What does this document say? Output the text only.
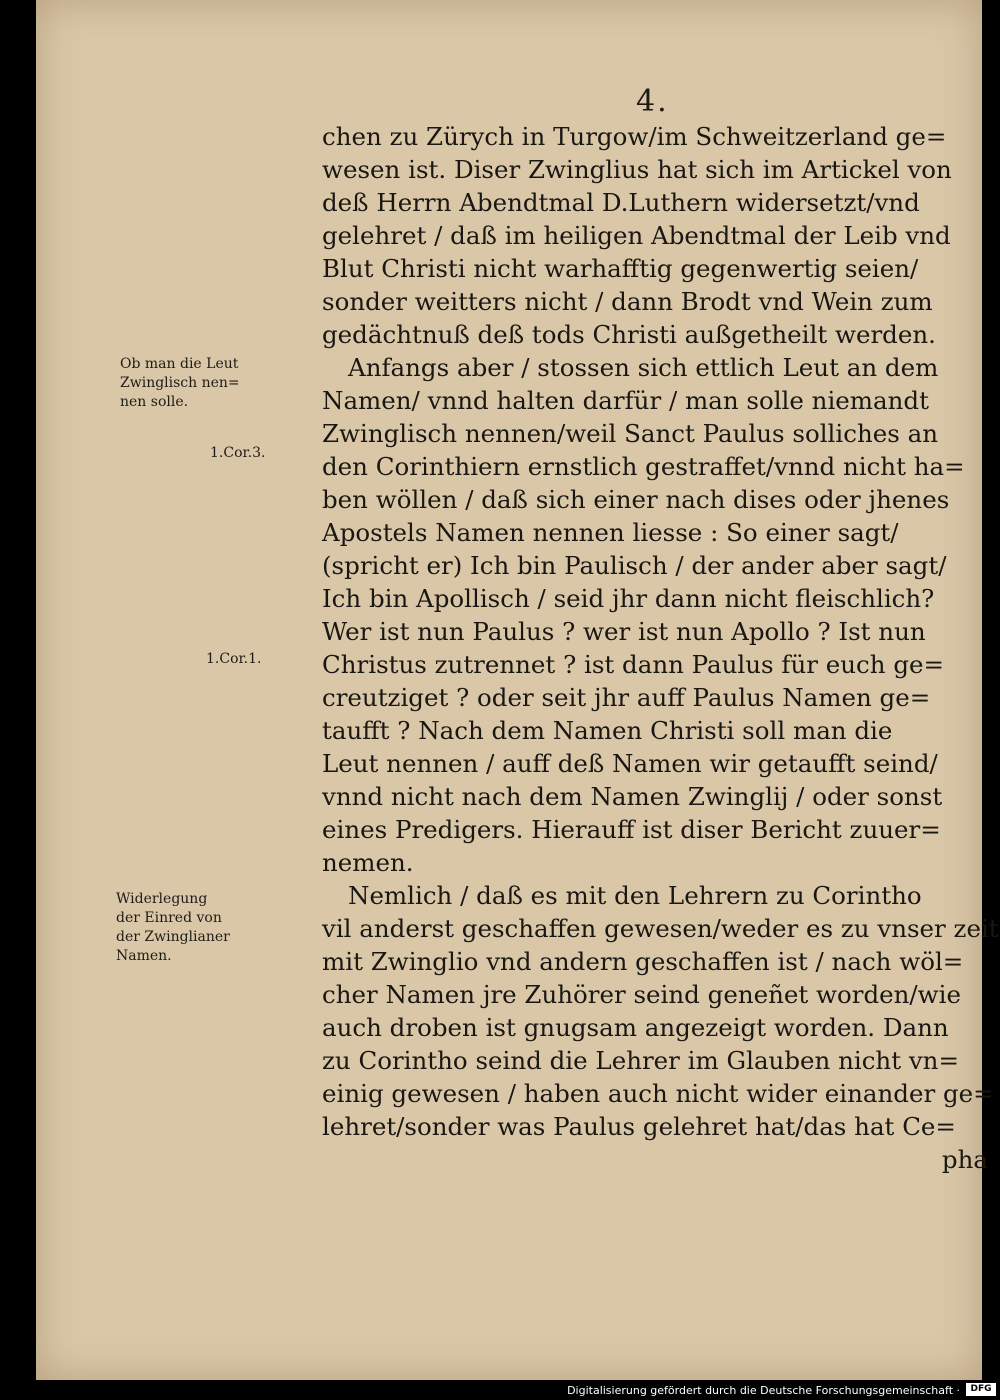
4.
chen zu Zürych in Turgow/im Schweitzerland ge=
wesen ist. Diser Zwinglius hat sich im Artickel von
deß Herrn Abendtmal D.Luthern widersetzt/vnd
gelehret / daß im heiligen Abendtmal der Leib vnd
Blut Christi nicht warhafftig gegenwertig seien/
sonder weitters nicht / dann Brodt vnd Wein zum
gedächtnuß deß tods Christi außgetheilt werden.
Anfangs aber / stossen sich ettlich Leut an dem
Namen/ vnnd halten darfür / man solle niemandt
Zwinglisch nennen/weil Sanct Paulus solliches an
den Corinthiern ernstlich gestraffet/vnnd nicht ha=
ben wöllen / daß sich einer nach dises oder jhenes
Apostels Namen nennen liesse : So einer sagt/
(spricht er) Ich bin Paulisch / der ander aber sagt/
Ich bin Apollisch / seid jhr dann nicht fleischlich?
Wer ist nun Paulus ? wer ist nun Apollo ? Ist nun
Christus zutrennet ? ist dann Paulus für euch ge=
creutziget ? oder seit jhr auff Paulus Namen ge=
taufft ? Nach dem Namen Christi soll man die
Leut nennen / auff deß Namen wir getaufft seind/
vnnd nicht nach dem Namen Zwinglij / oder sonst
eines Predigers. Hierauff ist diser Bericht zuuer=
nemen.
Nemlich / daß es mit den Lehrern zu Corintho
vil anderst geschaffen gewesen/weder es zu vnser zeit
mit Zwinglio vnd andern geschaffen ist / nach wöl=
cher Namen jre Zuhörer seind geneñet worden/wie
auch droben ist gnugsam angezeigt worden. Dann
zu Corintho seind die Lehrer im Glauben nicht vn=
einig gewesen / haben auch nicht wider einander ge=
lehret/sonder was Paulus gelehret hat/das hat Ce=
pha
Ob man die Leut
Zwinglisch nen=
nen solle.
1.Cor.3.
1.Cor.1.
Widerlegung
der Einred von
der Zwinglianer
Namen.
Digitalisierung gefördert durch die Deutsche Forschungsgemeinschaft ·	DFG
